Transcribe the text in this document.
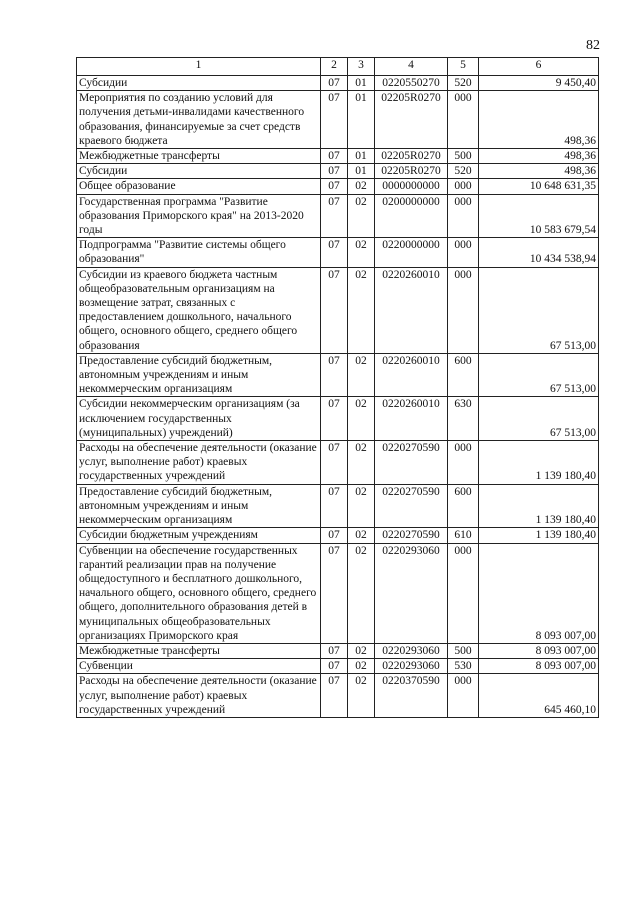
82
1	2	3	4	5	6
Субсидии	07	01	0220550270	520	9 450,40
Мероприятия по созданию условий для получения детьми-инвалидами качественного образования, финансируемые за счет средств краевого бюджета	07	01	02205R0270	000	498,36
Межбюджетные трансферты	07	01	02205R0270	500	498,36
Субсидии	07	01	02205R0270	520	498,36
Общее образование	07	02	0000000000	000	10 648 631,35
Государственная программа "Развитие образования Приморского края" на 2013-2020 годы	07	02	0200000000	000	10 583 679,54
Подпрограмма "Развитие системы общего образования"	07	02	0220000000	000	10 434 538,94
Субсидии из краевого бюджета частным общеобразовательным организациям на возмещение затрат, связанных с предоставлением дошкольного, начального общего, основного общего, среднего общего образования	07	02	0220260010	000	67 513,00
Предоставление субсидий бюджетным, автономным учреждениям и иным некоммерческим организациям	07	02	0220260010	600	67 513,00
Субсидии некоммерческим организациям (за исключением государственных (муниципальных) учреждений)	07	02	0220260010	630	67 513,00
Расходы на обеспечение деятельности (оказание услуг, выполнение работ) краевых государственных учреждений	07	02	0220270590	000	1 139 180,40
Предоставление субсидий бюджетным, автономным учреждениям и иным некоммерческим организациям	07	02	0220270590	600	1 139 180,40
Субсидии бюджетным учреждениям	07	02	0220270590	610	1 139 180,40
Субвенции на обеспечение государственных гарантий реализации прав на получение общедоступного и бесплатного дошкольного, начального общего, основного общего, среднего общего, дополнительного образования детей в муниципальных общеобразовательных организациях Приморского края	07	02	0220293060	000	8 093 007,00
Межбюджетные трансферты	07	02	0220293060	500	8 093 007,00
Субвенции	07	02	0220293060	530	8 093 007,00
Расходы на обеспечение деятельности (оказание услуг, выполнение работ) краевых государственных учреждений	07	02	0220370590	000	645 460,10
